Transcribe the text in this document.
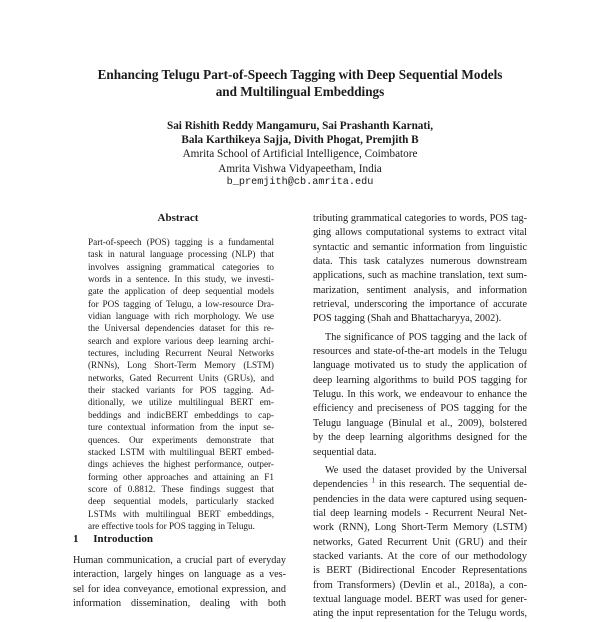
Enhancing Telugu Part-of-Speech Tagging with Deep Sequential Models
and Multilingual Embeddings
Sai Rishith Reddy Mangamuru, Sai Prashanth Karnati,
Bala Karthikeya Sajja, Divith Phogat, Premjith B
Amrita School of Artificial Intelligence, Coimbatore
Amrita Vishwa Vidyapeetham, India
b_premjith@cb.amrita.edu
Abstract
Part-of-speech (POS) tagging is a fundamental
task in natural language processing (NLP) that
involves assigning grammatical categories to
words in a sentence. In this study, we investi-
gate the application of deep sequential models
for POS tagging of Telugu, a low-resource Dra-
vidian language with rich morphology. We use
the Universal dependencies dataset for this re-
search and explore various deep learning archi-
tectures, including Recurrent Neural Networks
(RNNs), Long Short-Term Memory (LSTM)
networks, Gated Recurrent Units (GRUs), and
their stacked variants for POS tagging. Ad-
ditionally, we utilize multilingual BERT em-
beddings and indicBERT embeddings to cap-
ture contextual information from the input se-
quences. Our experiments demonstrate that
stacked LSTM with multilingual BERT embed-
dings achieves the highest performance, outper-
forming other approaches and attaining an F1
score of 0.8812. These findings suggest that
deep sequential models, particularly stacked
LSTMs with multilingual BERT embeddings,
are effective tools for POS tagging in Telugu.
1 Introduction
Human communication, a crucial part of everyday
interaction, largely hinges on language as a ves-
sel for idea conveyance, emotional expression, and
information dissemination, dealing with both
tributing grammatical categories to words, POS tag-
ging allows computational systems to extract vital
syntactic and semantic information from linguistic
data. This task catalyzes numerous downstream
applications, such as machine translation, text sum-
marization, sentiment analysis, and information
retrieval, underscoring the importance of accurate
POS tagging (Shah and Bhattacharyya, 2002).
The significance of POS tagging and the lack of
resources and state-of-the-art models in the Telugu
language motivated us to study the application of
deep learning algorithms to build POS tagging for
Telugu. In this work, we endeavour to enhance the
efficiency and preciseness of POS tagging for the
Telugu language (Binulal et al., 2009), bolstered
by the deep learning algorithms designed for the
sequential data.
We used the dataset provided by the Universal
dependencies $^1$ in this research. The sequential de-
pendencies in the data were captured using sequen-
tial deep learning models - Recurrent Neural Net-
work (RNN), Long Short-Term Memory (LSTM)
networks, Gated Recurrent Unit (GRU) and their
stacked variants. At the core of our methodology
is BERT (Bidirectional Encoder Representations
from Transformers) (Devlin et al., 2018a), a con-
textual language model. BERT was used for gener-
ating the input representation for the Telugu words,
